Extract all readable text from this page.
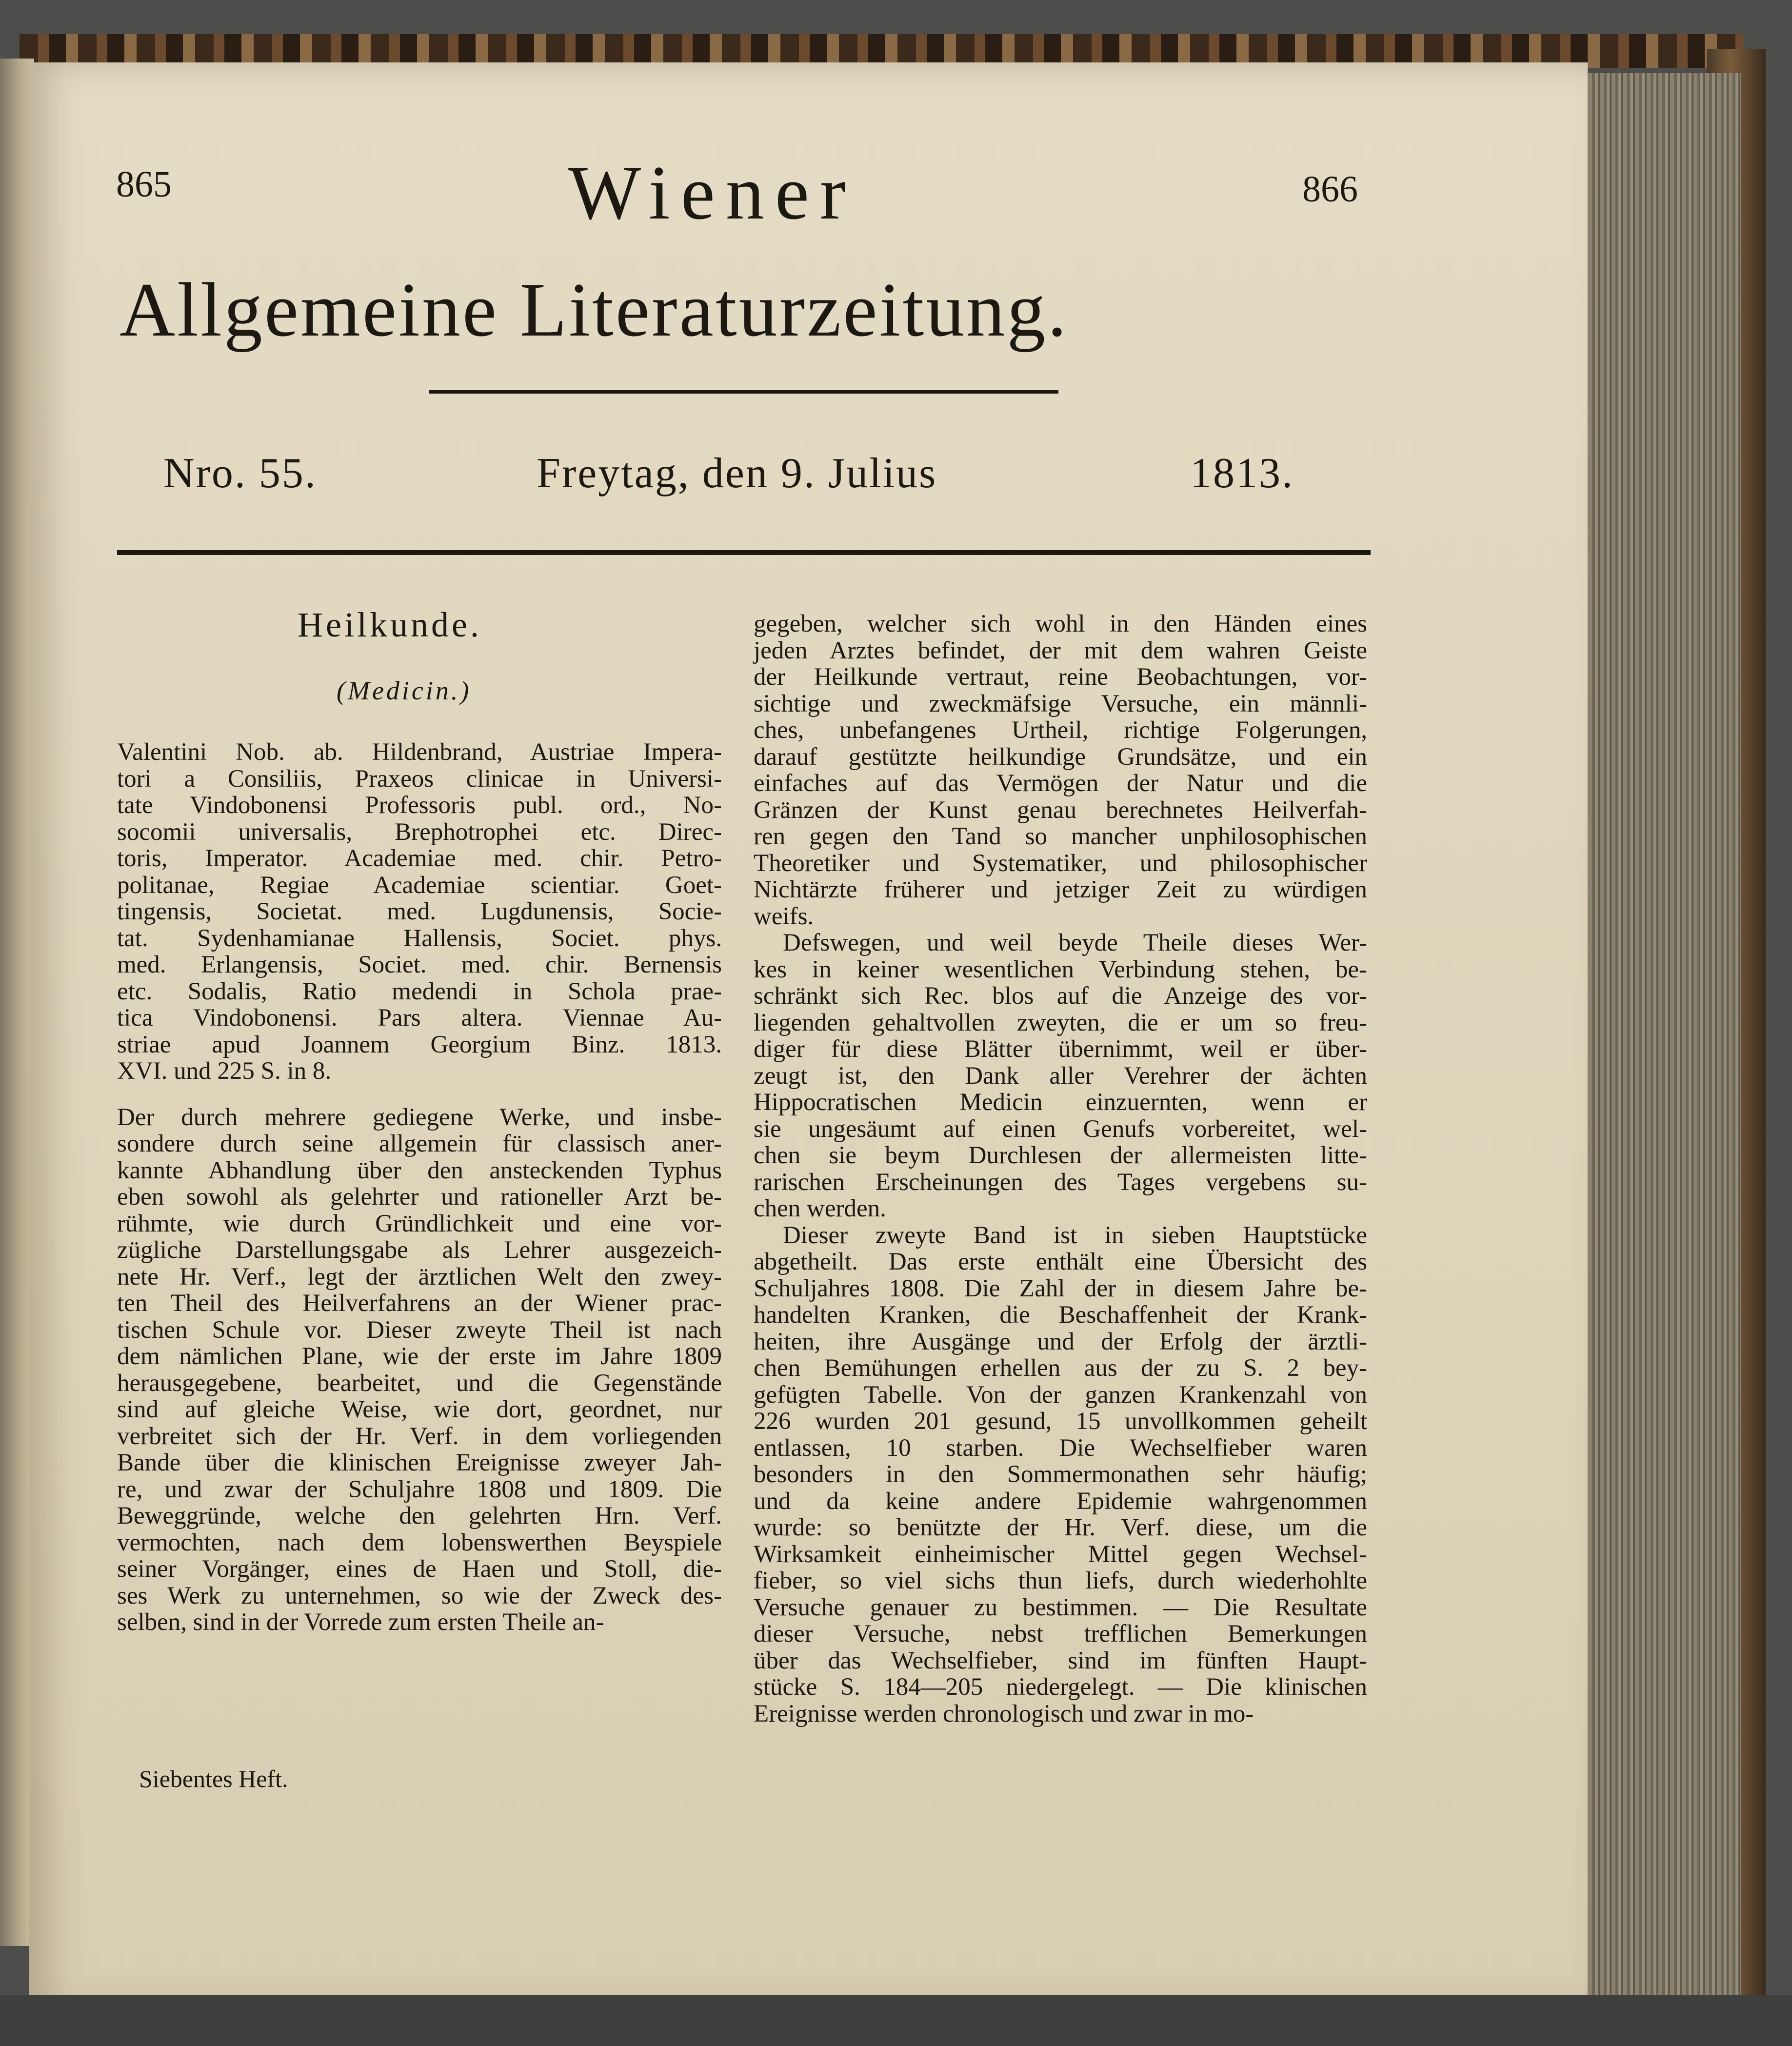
865	866
Wiener
Allgemeine Literaturzeitung.
Nro. 55.	Freytag, den 9. Julius	1813.
Heilkunde.
(Medicin.)
Valentini Nob. ab. Hildenbrand, Austriae Impera-
tori a Consiliis, Praxeos clinicae in Universi-
tate Vindobonensi Professoris publ. ord., No-
socomii universalis, Brephotrophei etc. Direc-
toris, Imperator. Academiae med. chir. Petro-
politanae, Regiae Academiae scientiar. Goet-
tingensis, Societat. med. Lugdunensis, Socie-
tat. Sydenhamianae Hallensis, Societ. phys.
med. Erlangensis, Societ. med. chir. Bernensis
etc. Sodalis, Ratio medendi in Schola prae-
tica Vindobonensi. Pars altera. Viennae Au-
striae apud Joannem Georgium Binz. 1813.
XVI. und 225 S. in 8.
Der durch mehrere gediegene Werke, und insbe-
sondere durch seine allgemein für classisch aner-
kannte Abhandlung über den ansteckenden Typhus
eben sowohl als gelehrter und rationeller Arzt be-
rühmte, wie durch Gründlichkeit und eine vor-
zügliche Darstellungsgabe als Lehrer ausgezeich-
nete Hr. Verf., legt der ärztlichen Welt den zwey-
ten Theil des Heilverfahrens an der Wiener prac-
tischen Schule vor. Dieser zweyte Theil ist nach
dem nämlichen Plane, wie der erste im Jahre 1809
herausgegebene, bearbeitet, und die Gegenstände
sind auf gleiche Weise, wie dort, geordnet, nur
verbreitet sich der Hr. Verf. in dem vorliegenden
Bande über die klinischen Ereignisse zweyer Jah-
re, und zwar der Schuljahre 1808 und 1809. Die
Beweggründe, welche den gelehrten Hrn. Verf.
vermochten, nach dem lobenswerthen Beyspiele
seiner Vorgänger, eines de Haen und Stoll, die-
ses Werk zu unternehmen, so wie der Zweck des-
selben, sind in der Vorrede zum ersten Theile an-
gegeben, welcher sich wohl in den Händen eines
jeden Arztes befindet, der mit dem wahren Geiste
der Heilkunde vertraut, reine Beobachtungen, vor-
sichtige und zweckmäfsige Versuche, ein männli-
ches, unbefangenes Urtheil, richtige Folgerungen,
darauf gestützte heilkundige Grundsätze, und ein
einfaches auf das Vermögen der Natur und die
Gränzen der Kunst genau berechnetes Heilverfah-
ren gegen den Tand so mancher unphilosophischen
Theoretiker und Systematiker, und philosophischer
Nichtärzte früherer und jetziger Zeit zu würdigen
weifs.
Defswegen, und weil beyde Theile dieses Wer-
kes in keiner wesentlichen Verbindung stehen, be-
schränkt sich Rec. blos auf die Anzeige des vor-
liegenden gehaltvollen zweyten, die er um so freu-
diger für diese Blätter übernimmt, weil er über-
zeugt ist, den Dank aller Verehrer der ächten
Hippocratischen Medicin einzuernten, wenn er
sie ungesäumt auf einen Genufs vorbereitet, wel-
chen sie beym Durchlesen der allermeisten litte-
rarischen Erscheinungen des Tages vergebens su-
chen werden.
Dieser zweyte Band ist in sieben Hauptstücke
abgetheilt. Das erste enthält eine Übersicht des
Schuljahres 1808. Die Zahl der in diesem Jahre be-
handelten Kranken, die Beschaffenheit der Krank-
heiten, ihre Ausgänge und der Erfolg der ärztli-
chen Bemühungen erhellen aus der zu S. 2 bey-
gefügten Tabelle. Von der ganzen Krankenzahl von
226 wurden 201 gesund, 15 unvollkommen geheilt
entlassen, 10 starben. Die Wechselfieber waren
besonders in den Sommermonathen sehr häufig;
und da keine andere Epidemie wahrgenommen
wurde: so benützte der Hr. Verf. diese, um die
Wirksamkeit einheimischer Mittel gegen Wechsel-
fieber, so viel sichs thun liefs, durch wiederhohlte
Versuche genauer zu bestimmen. — Die Resultate
dieser Versuche, nebst trefflichen Bemerkungen
über das Wechselfieber, sind im fünften Haupt-
stücke S. 184—205 niedergelegt. — Die klinischen
Ereignisse werden chronologisch und zwar in mo-
Siebentes Heft.
